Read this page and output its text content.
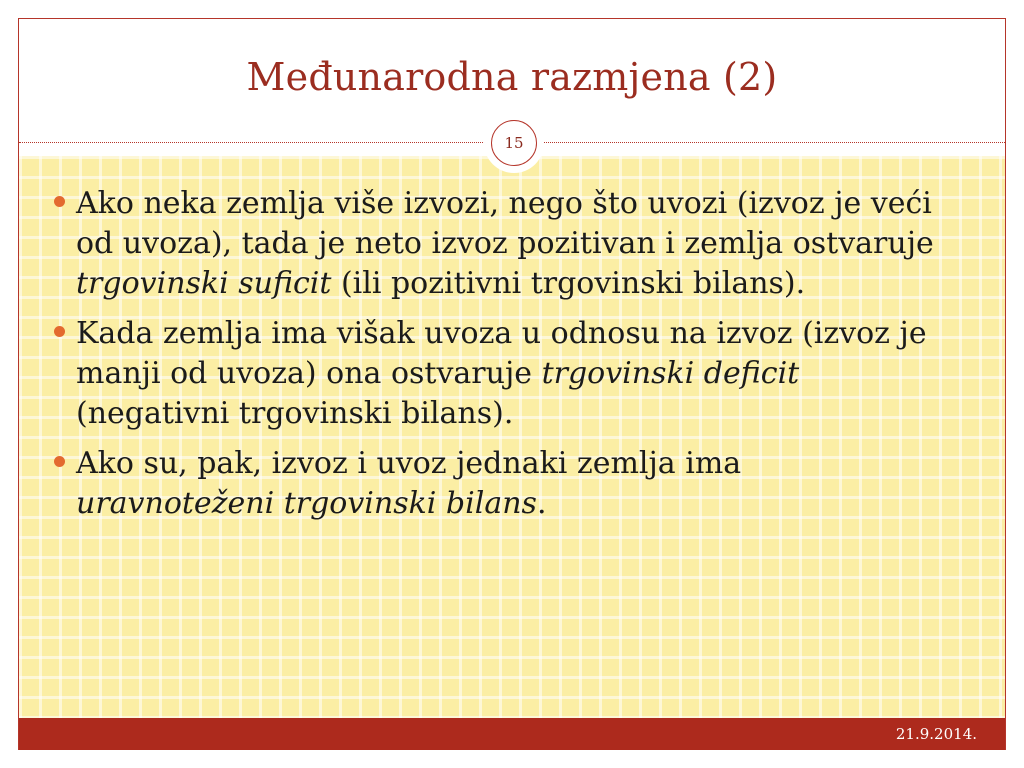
Međunarodna razmjena (2)
15
Ako neka zemlja više izvozi, nego što uvozi (izvoz je veći od uvoza), tada je neto izvoz pozitivan i zemlja ostvaruje trgovinski suficit (ili pozitivni trgovinski bilans).
Kada zemlja ima višak uvoza u odnosu na izvoz (izvoz je manji od uvoza) ona ostvaruje trgovinski deficit  (negativni trgovinski bilans).
Ako su, pak, izvoz i uvoz jednaki zemlja ima uravnoteženi trgovinski bilans.
21.9.2014.
